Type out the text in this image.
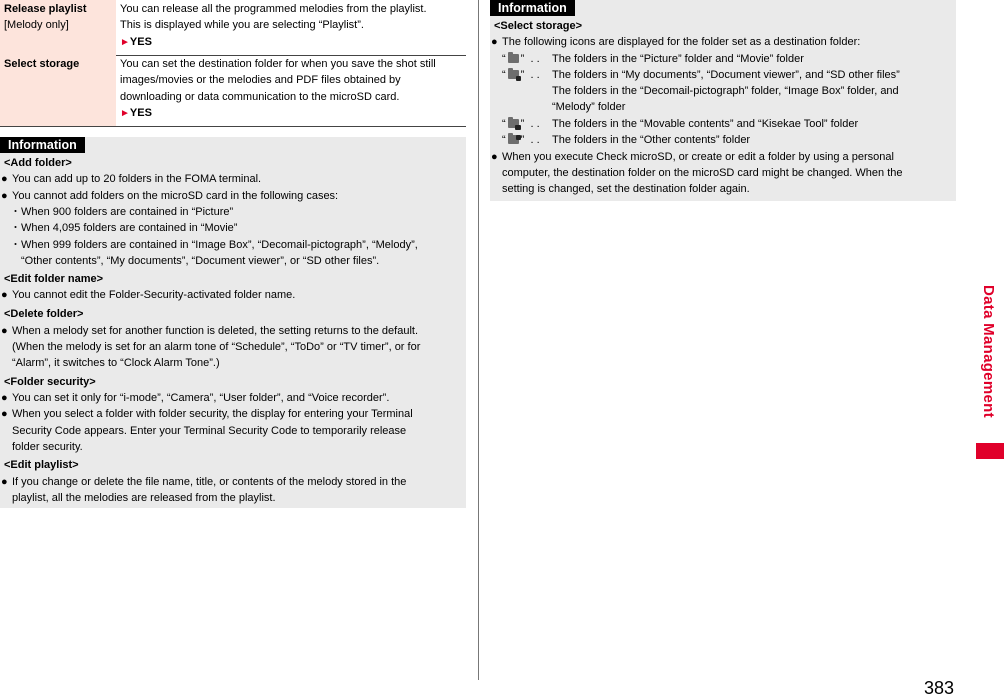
Release playlist
[Melody only]
You can release all the programmed melodies from the playlist.
This is displayed while you are selecting “Playlist”.
►YES
Select storage	You can set the destination folder for when you save the shot still
images/movies or the melodies and PDF files obtained by
downloading or data communication to the microSD card.
►YES
Information
<Add folder>
● You can add up to 20 folders in the FOMA terminal.
● You cannot add folders on the microSD card in the following cases:
・ When 900 folders are contained in “Picture”
・ When 4,095 folders are contained in “Movie”
・ When 999 folders are contained in “Image Box”, “Decomail-pictograph”, “Melody”,
“Other contents”, “My documents”, “Document viewer”, or “SD other files”.
<Edit folder name>
● You cannot edit the Folder-Security-activated folder name.
<Delete folder>
● When a melody set for another function is deleted, the setting returns to the default.
(When the melody is set for an alarm tone of “Schedule”, “ToDo” or “TV timer”, or for
“Alarm”, it switches to “Clock Alarm Tone”.)
<Folder security>
● You can set it only for “i-mode”, “Camera”, “User folder”, and “Voice recorder”.
● When you select a folder with folder security, the display for entering your Terminal
Security Code appears. Enter your Terminal Security Code to temporarily release
folder security.
<Edit playlist>
● If you change or delete the file name, title, or contents of the melody stored in the
playlist, all the melodies are released from the playlist.
Information
<Select storage>
● The following icons are displayed for the folder set as a destination folder:
“ ” . . The folders in the “Picture” folder and “Movie” folder
“ ” . . The folders in “My documents”, “Document viewer”, and “SD other files”
The folders in the “Decomail-pictograph” folder, “Image Box” folder, and
“Melody” folder
“ ” . . The folders in the “Movable contents” and “Kisekae Tool” folder
“ ” . . The folders in the “Other contents” folder
● When you execute Check microSD, or create or edit a folder by using a personal
computer, the destination folder on the microSD card might be changed. When the
setting is changed, set the destination folder again.
Data Management
383
